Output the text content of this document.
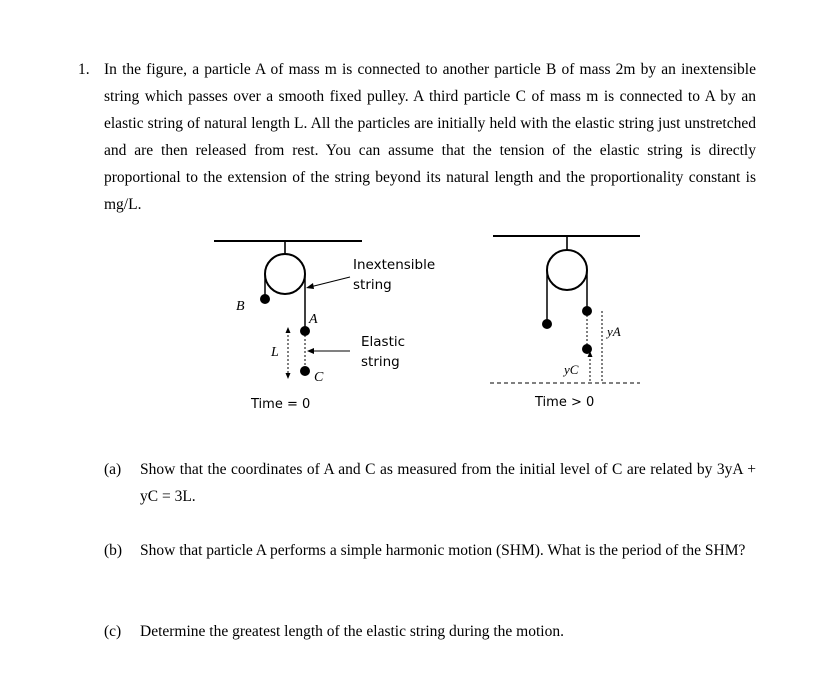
1. In the figure, a particle A of mass m is connected to another particle B of mass 2m by an inextensible string which passes over a smooth fixed pulley. A third particle C of mass m is connected to A by an elastic string of natural length L. All the particles are initially held with the elastic string just unstretched and are then released from rest. You can assume that the tension of the elastic string is directly proportional to the extension of the string beyond its natural length and the proportionality constant is mg/L.
B
A
L
C
Time = 0
Inextensible
string
Elastic
string
yA
yC
Time > 0
(a) Show that the coordinates of A and C as measured from the initial level of C are related by 3yA + yC = 3L.
(b) Show that particle A performs a simple harmonic motion (SHM). What is the period of the SHM?
(c) Determine the greatest length of the elastic string during the motion.
